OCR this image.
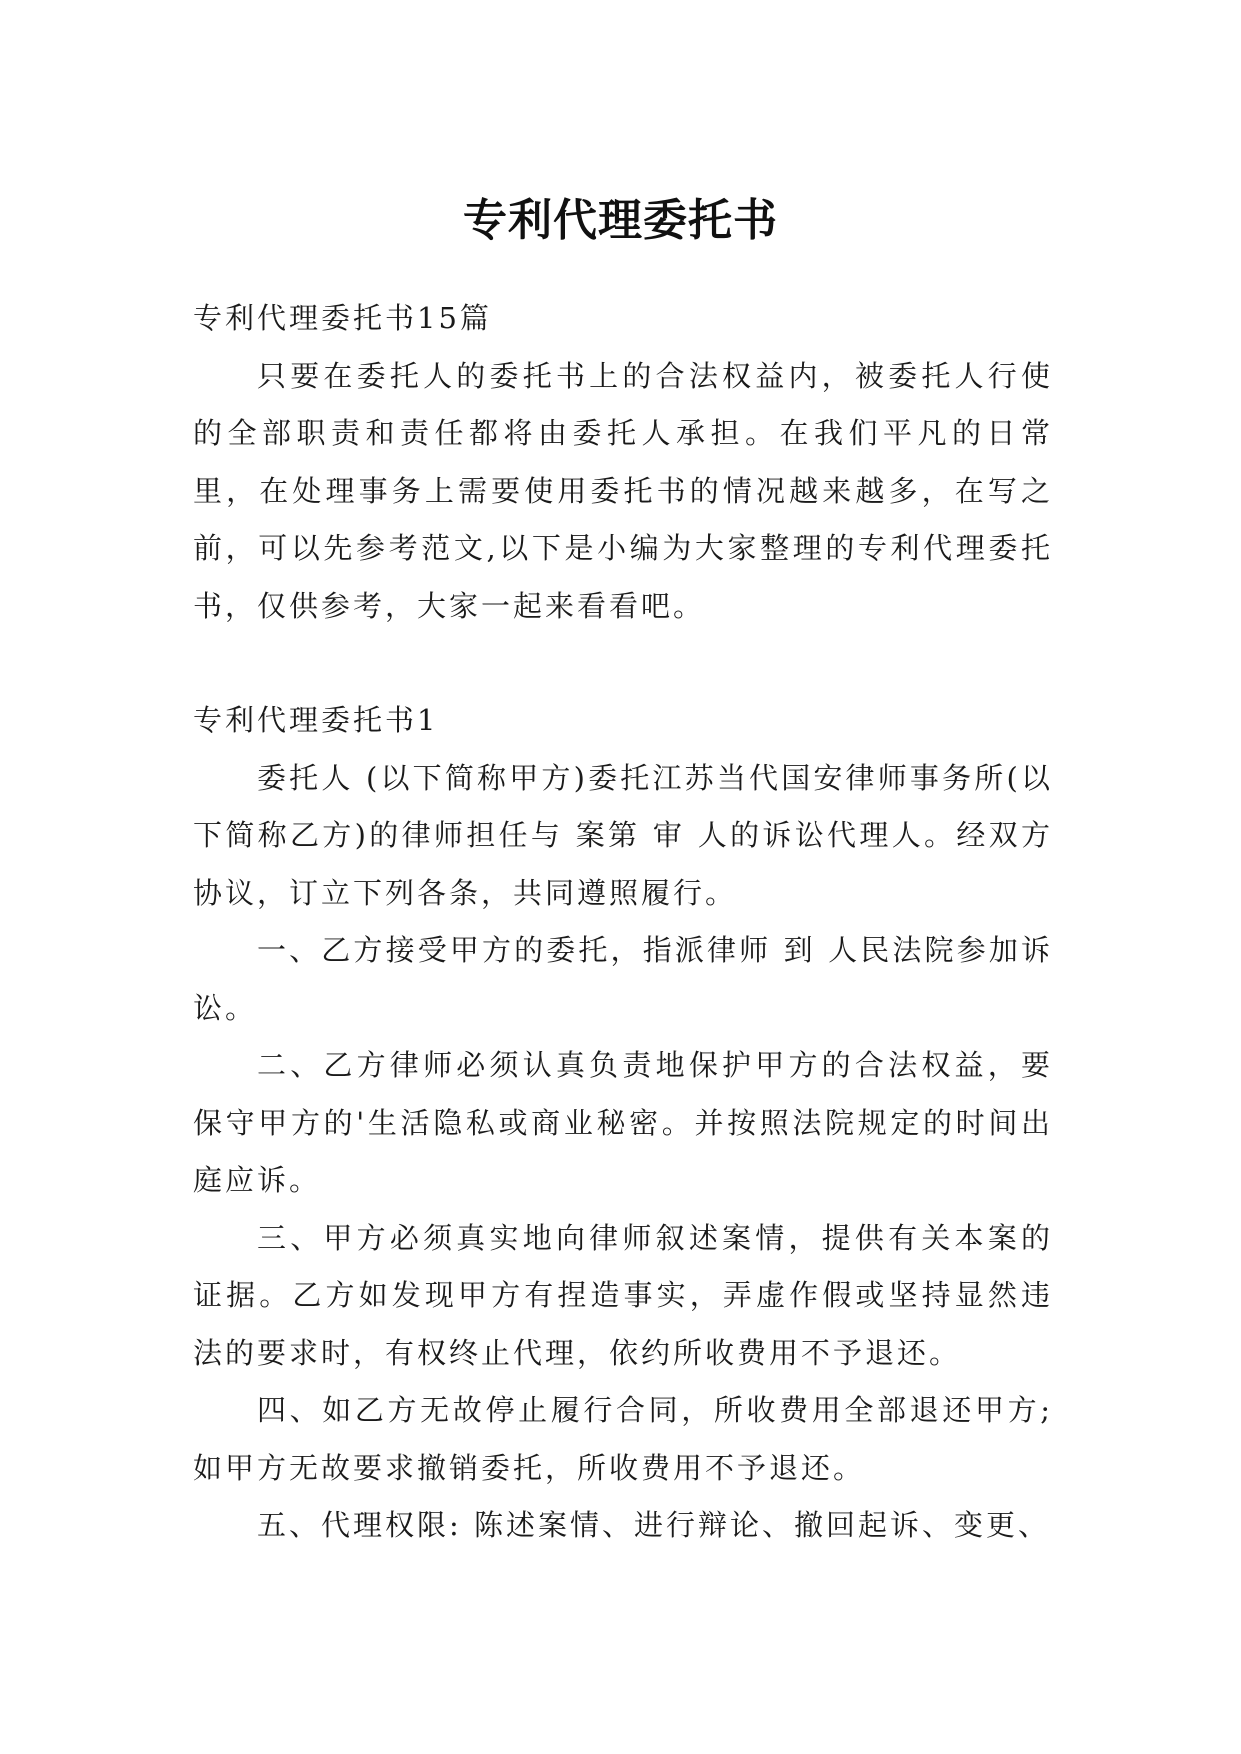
专利代理委托书

专利代理委托书15篇

只要在委托人的委托书上的合法权益内，被委托人行使的全部职责和责任都将由委托人承担。在我们平凡的日常里，在处理事务上需要使用委托书的情况越来越多，在写之前，可以先参考范文,以下是小编为大家整理的专利代理委托书，仅供参考，大家一起来看看吧。

专利代理委托书1

委托人 (以下简称甲方)委托江苏当代国安律师事务所(以下简称乙方)的律师担任与 案第 审 人的诉讼代理人。经双方协议，订立下列各条，共同遵照履行。

一、乙方接受甲方的委托，指派律师 到 人民法院参加诉讼。

二、乙方律师必须认真负责地保护甲方的合法权益，要保守甲方的'生活隐私或商业秘密。并按照法院规定的时间出庭应诉。

三、甲方必须真实地向律师叙述案情，提供有关本案的证据。乙方如发现甲方有捏造事实，弄虚作假或坚持显然违法的要求时，有权终止代理，依约所收费用不予退还。

四、如乙方无故停止履行合同，所收费用全部退还甲方;如甲方无故要求撤销委托，所收费用不予退还。

五、代理权限: 陈述案情、进行辩论、撤回起诉、变更、
